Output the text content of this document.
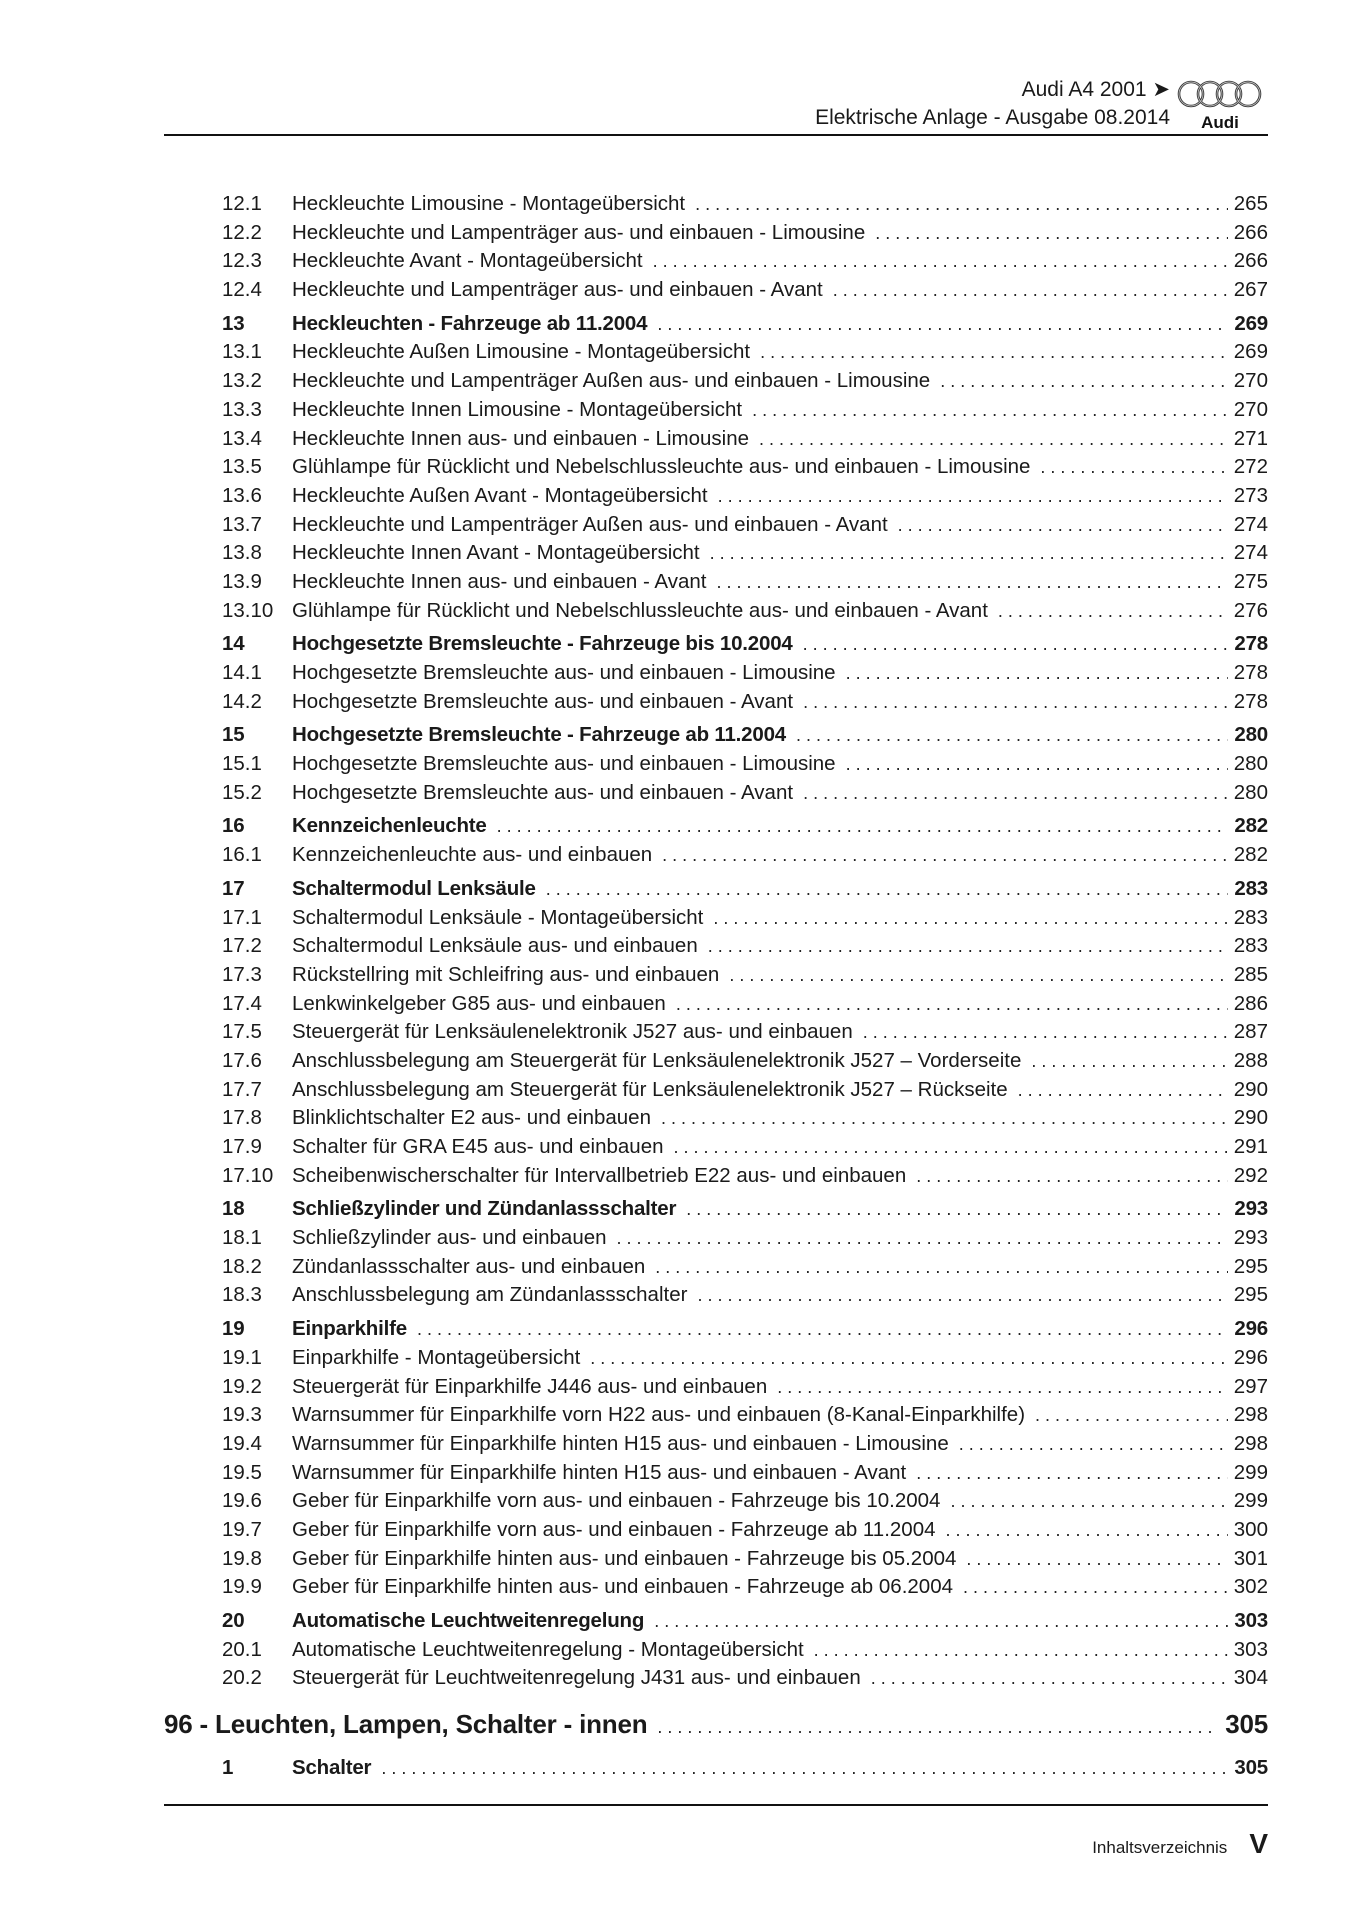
Audi A4 2001 ➤
Elektrische Anlage - Ausgabe 08.2014 Audi
12.1	Heckleuchte Limousine - Montageübersicht . . .	265
12.2	Heckleuchte und Lampenträger aus- und einbauen - Limousine . . .	266
12.3	Heckleuchte Avant - Montageübersicht . . .	266
12.4	Heckleuchte und Lampenträger aus- und einbauen - Avant . . .	267
13	Heckleuchten - Fahrzeuge ab 11.2004 . . .	269
13.1	Heckleuchte Außen Limousine - Montageübersicht . . .	269
13.2	Heckleuchte und Lampenträger Außen aus- und einbauen - Limousine . . .	270
13.3	Heckleuchte Innen Limousine - Montageübersicht . . .	270
13.4	Heckleuchte Innen aus- und einbauen - Limousine . . .	271
13.5	Glühlampe für Rücklicht und Nebelschlussleuchte aus- und einbauen - Limousine . . .	272
13.6	Heckleuchte Außen Avant - Montageübersicht . . .	273
13.7	Heckleuchte und Lampenträger Außen aus- und einbauen - Avant . . .	274
13.8	Heckleuchte Innen Avant - Montageübersicht . . .	274
13.9	Heckleuchte Innen aus- und einbauen - Avant . . .	275
13.10 Glühlampe für Rücklicht und Nebelschlussleuchte aus- und einbauen - Avant . . .	276
14	Hochgesetzte Bremsleuchte - Fahrzeuge bis 10.2004 . . .	278
14.1	Hochgesetzte Bremsleuchte aus- und einbauen - Limousine . . .	278
14.2	Hochgesetzte Bremsleuchte aus- und einbauen - Avant . . .	278
15	Hochgesetzte Bremsleuchte - Fahrzeuge ab 11.2004 . . .	280
15.1	Hochgesetzte Bremsleuchte aus- und einbauen - Limousine . . .	280
15.2	Hochgesetzte Bremsleuchte aus- und einbauen - Avant . . .	280
16	Kennzeichenleuchte . . .	282
16.1	Kennzeichenleuchte aus- und einbauen . . .	282
17	Schaltermodul Lenksäule . . .	283
17.1	Schaltermodul Lenksäule - Montageübersicht . . .	283
17.2	Schaltermodul Lenksäule aus- und einbauen . . .	283
17.3	Rückstellring mit Schleifring aus- und einbauen . . .	285
17.4	Lenkwinkelgeber G85 aus- und einbauen . . .	286
17.5	Steuergerät für Lenksäulenelektronik J527 aus- und einbauen . . .	287
17.6	Anschlussbelegung am Steuergerät für Lenksäulenelektronik J527 – Vorderseite . . .	288
17.7	Anschlussbelegung am Steuergerät für Lenksäulenelektronik J527 – Rückseite . . .	290
17.8	Blinklichtschalter E2 aus- und einbauen . . .	290
17.9	Schalter für GRA E45 aus- und einbauen . . .	291
17.10 Scheibenwischerschalter für Intervallbetrieb E22 aus- und einbauen . . .	292
18	Schließzylinder und Zündanlassschalter . . .	293
18.1	Schließzylinder aus- und einbauen . . .	293
18.2	Zündanlassschalter aus- und einbauen . . .	295
18.3	Anschlussbelegung am Zündanlassschalter . . .	295
19	Einparkhilfe . . .	296
19.1	Einparkhilfe - Montageübersicht . . .	296
19.2	Steuergerät für Einparkhilfe J446 aus- und einbauen . . .	297
19.3	Warnsummer für Einparkhilfe vorn H22 aus- und einbauen (8-Kanal-Einparkhilfe) . . .	298
19.4	Warnsummer für Einparkhilfe hinten H15 aus- und einbauen - Limousine . . .	298
19.5	Warnsummer für Einparkhilfe hinten H15 aus- und einbauen - Avant . . .	299
19.6	Geber für Einparkhilfe vorn aus- und einbauen - Fahrzeuge bis 10.2004 . . .	299
19.7	Geber für Einparkhilfe vorn aus- und einbauen - Fahrzeuge ab 11.2004 . . .	300
19.8	Geber für Einparkhilfe hinten aus- und einbauen - Fahrzeuge bis 05.2004 . . .	301
19.9	Geber für Einparkhilfe hinten aus- und einbauen - Fahrzeuge ab 06.2004 . . .	302
20	Automatische Leuchtweitenregelung . . .	303
20.1	Automatische Leuchtweitenregelung - Montageübersicht . . .	303
20.2	Steuergerät für Leuchtweitenregelung J431 aus- und einbauen . . .	304
96 - Leuchten, Lampen, Schalter - innen . . .	305
1	Schalter . . .	305
Inhaltsverzeichnis V
